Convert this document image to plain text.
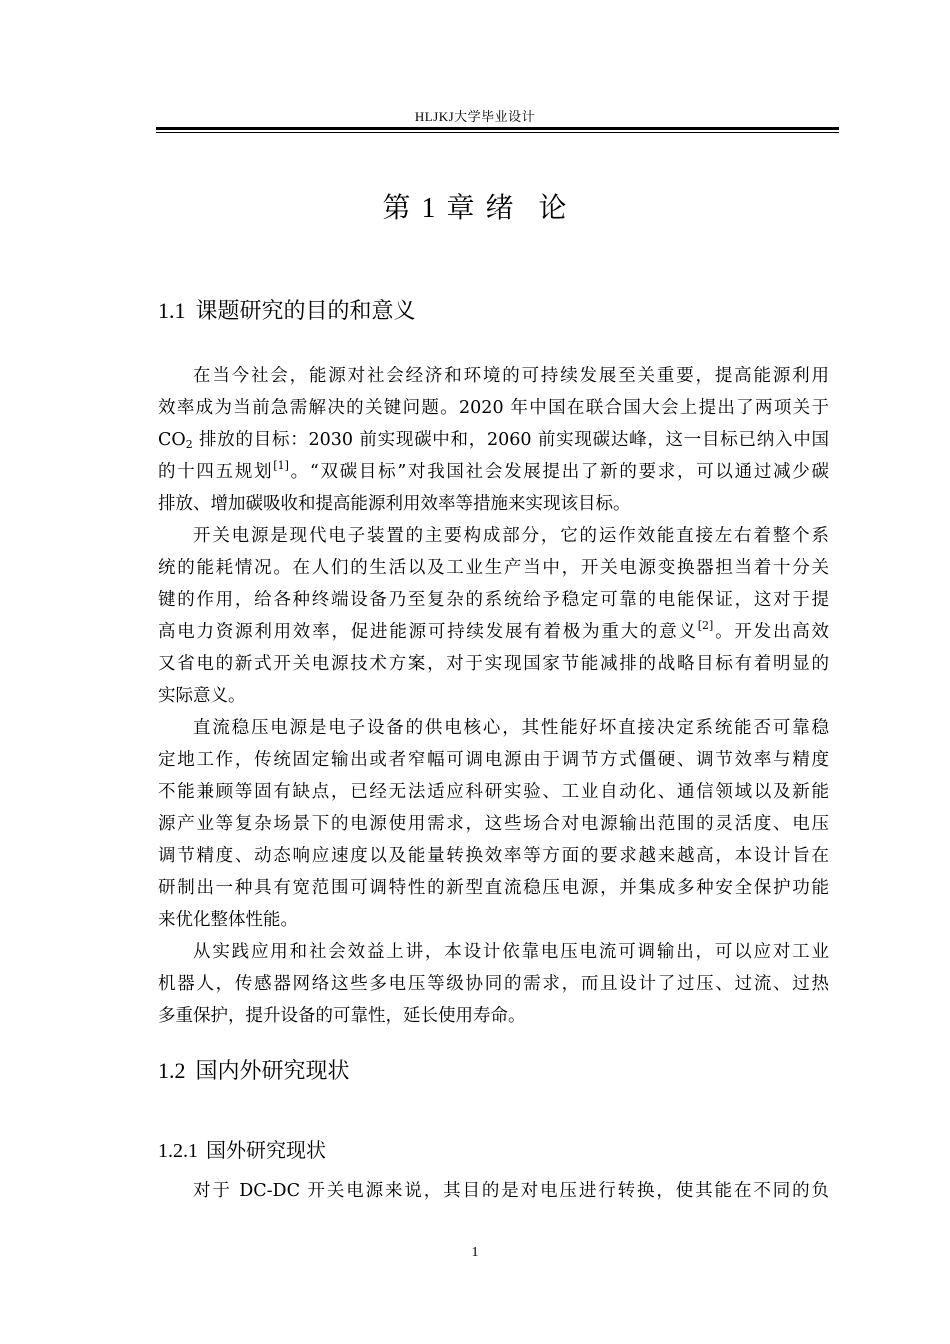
HLJKJ大学毕业设计
第 1 章 绪 论
1.1 课题研究的目的和意义
在当今社会，能源对社会经济和环境的可持续发展至关重要，提高能源利用
效率成为当前急需解决的关键问题。2020 年中国在联合国大会上提出了两项关于
$CO_2$ 排放的目标：2030 前实现碳中和，2060 前实现碳达峰，这一目标已纳入中国
的十四五规划[1]。“双碳目标”对我国社会发展提出了新的要求，可以通过减少碳
排放、增加碳吸收和提高能源利用效率等措施来实现该目标。
开关电源是现代电子装置的主要构成部分，它的运作效能直接左右着整个系
统的能耗情况。在人们的生活以及工业生产当中，开关电源变换器担当着十分关
键的作用，给各种终端设备乃至复杂的系统给予稳定可靠的电能保证，这对于提
高电力资源利用效率，促进能源可持续发展有着极为重大的意义[2]。开发出高效
又省电的新式开关电源技术方案，对于实现国家节能减排的战略目标有着明显的
实际意义。
直流稳压电源是电子设备的供电核心，其性能好坏直接决定系统能否可靠稳
定地工作，传统固定输出或者窄幅可调电源由于调节方式僵硬、调节效率与精度
不能兼顾等固有缺点，已经无法适应科研实验、工业自动化、通信领域以及新能
源产业等复杂场景下的电源使用需求，这些场合对电源输出范围的灵活度、电压
调节精度、动态响应速度以及能量转换效率等方面的要求越来越高，本设计旨在
研制出一种具有宽范围可调特性的新型直流稳压电源，并集成多种安全保护功能
来优化整体性能。
从实践应用和社会效益上讲，本设计依靠电压电流可调输出，可以应对工业
机器人，传感器网络这些多电压等级协同的需求，而且设计了过压、过流、过热
多重保护，提升设备的可靠性，延长使用寿命。
1.2 国内外研究现状
1.2.1 国外研究现状
对于 DC-DC 开关电源来说，其目的是对电压进行转换，使其能在不同的负
1
